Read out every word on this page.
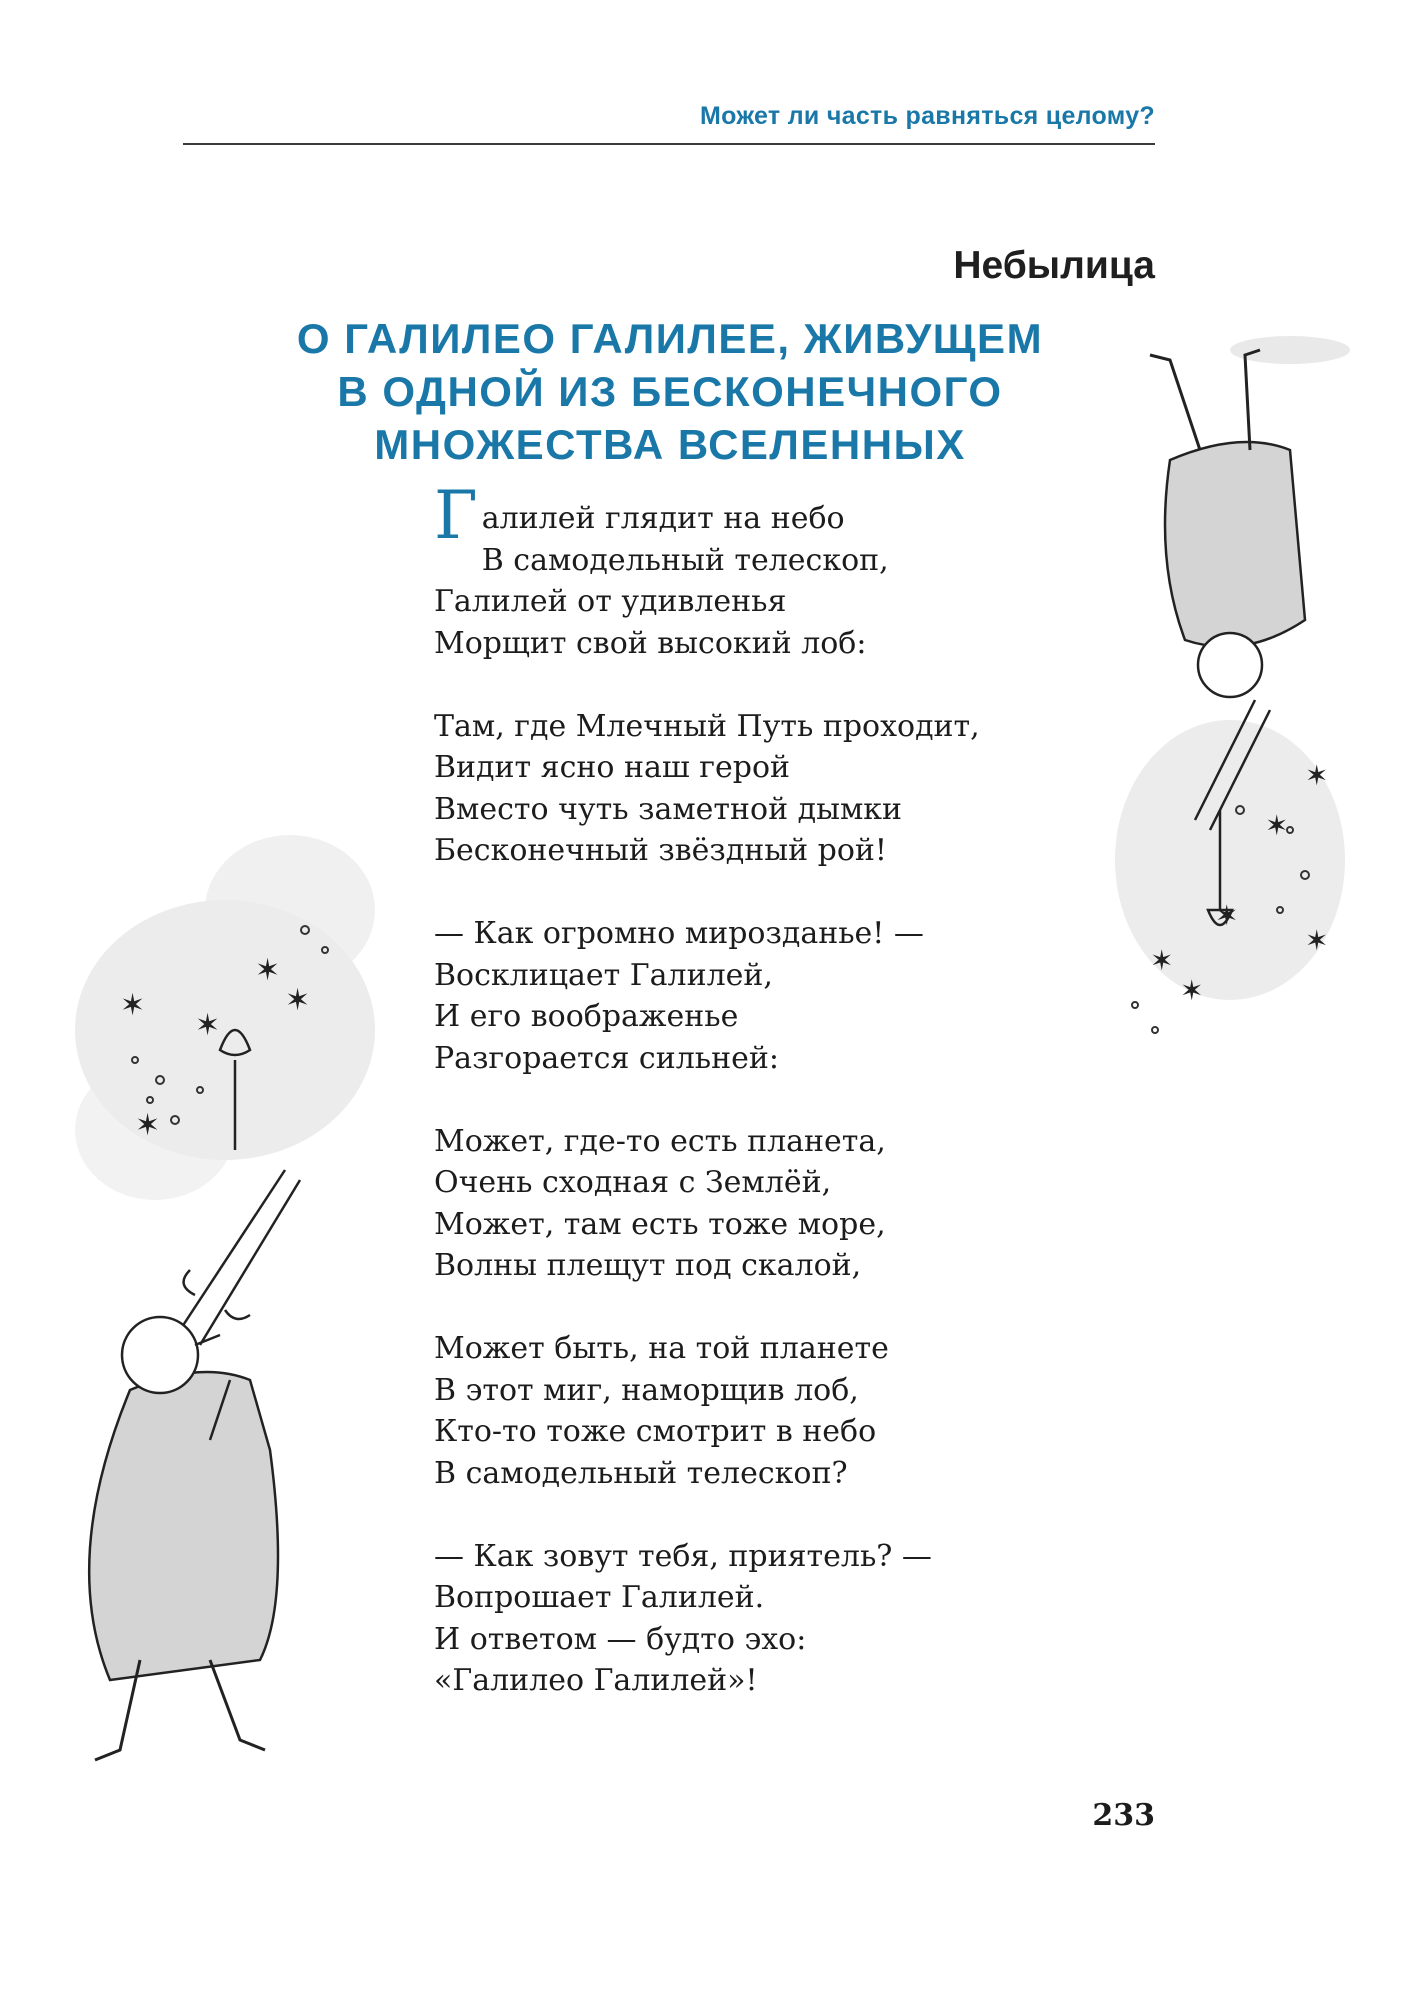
Может ли часть равняться целому?
Небылица
О ГАЛИЛЕО ГАЛИЛЕЕ, ЖИВУЩЕМ
В ОДНОЙ ИЗ БЕСКОНЕЧНОГО
МНОЖЕСТВА ВСЕЛЕННЫХ
Г алилей глядит на небо
В самодельный телескоп,
Галилей от удивленья
Морщит свой высокий лоб:
Там, где Млечный Путь проходит,
Видит ясно наш герой
Вместо чуть заметной дымки
Бесконечный звёздный рой!
— Как огромно мирозданье! —
Восклицает Галилей,
И его воображенье
Разгорается сильней:
Может, где-то есть планета,
Очень сходная с Землёй,
Может, там есть тоже море,
Волны плещут под скалой,
Может быть, на той планете
В этот миг, наморщив лоб,
Кто-то тоже смотрит в небо
В самодельный телескоп?
— Как зовут тебя, приятель? —
Вопрошает Галилей.
И ответом — будто эхо:
«Галилео Галилей»!
✶
✶
✶
✶
✶
✶
✶
✶
✶
✶
✶
233
